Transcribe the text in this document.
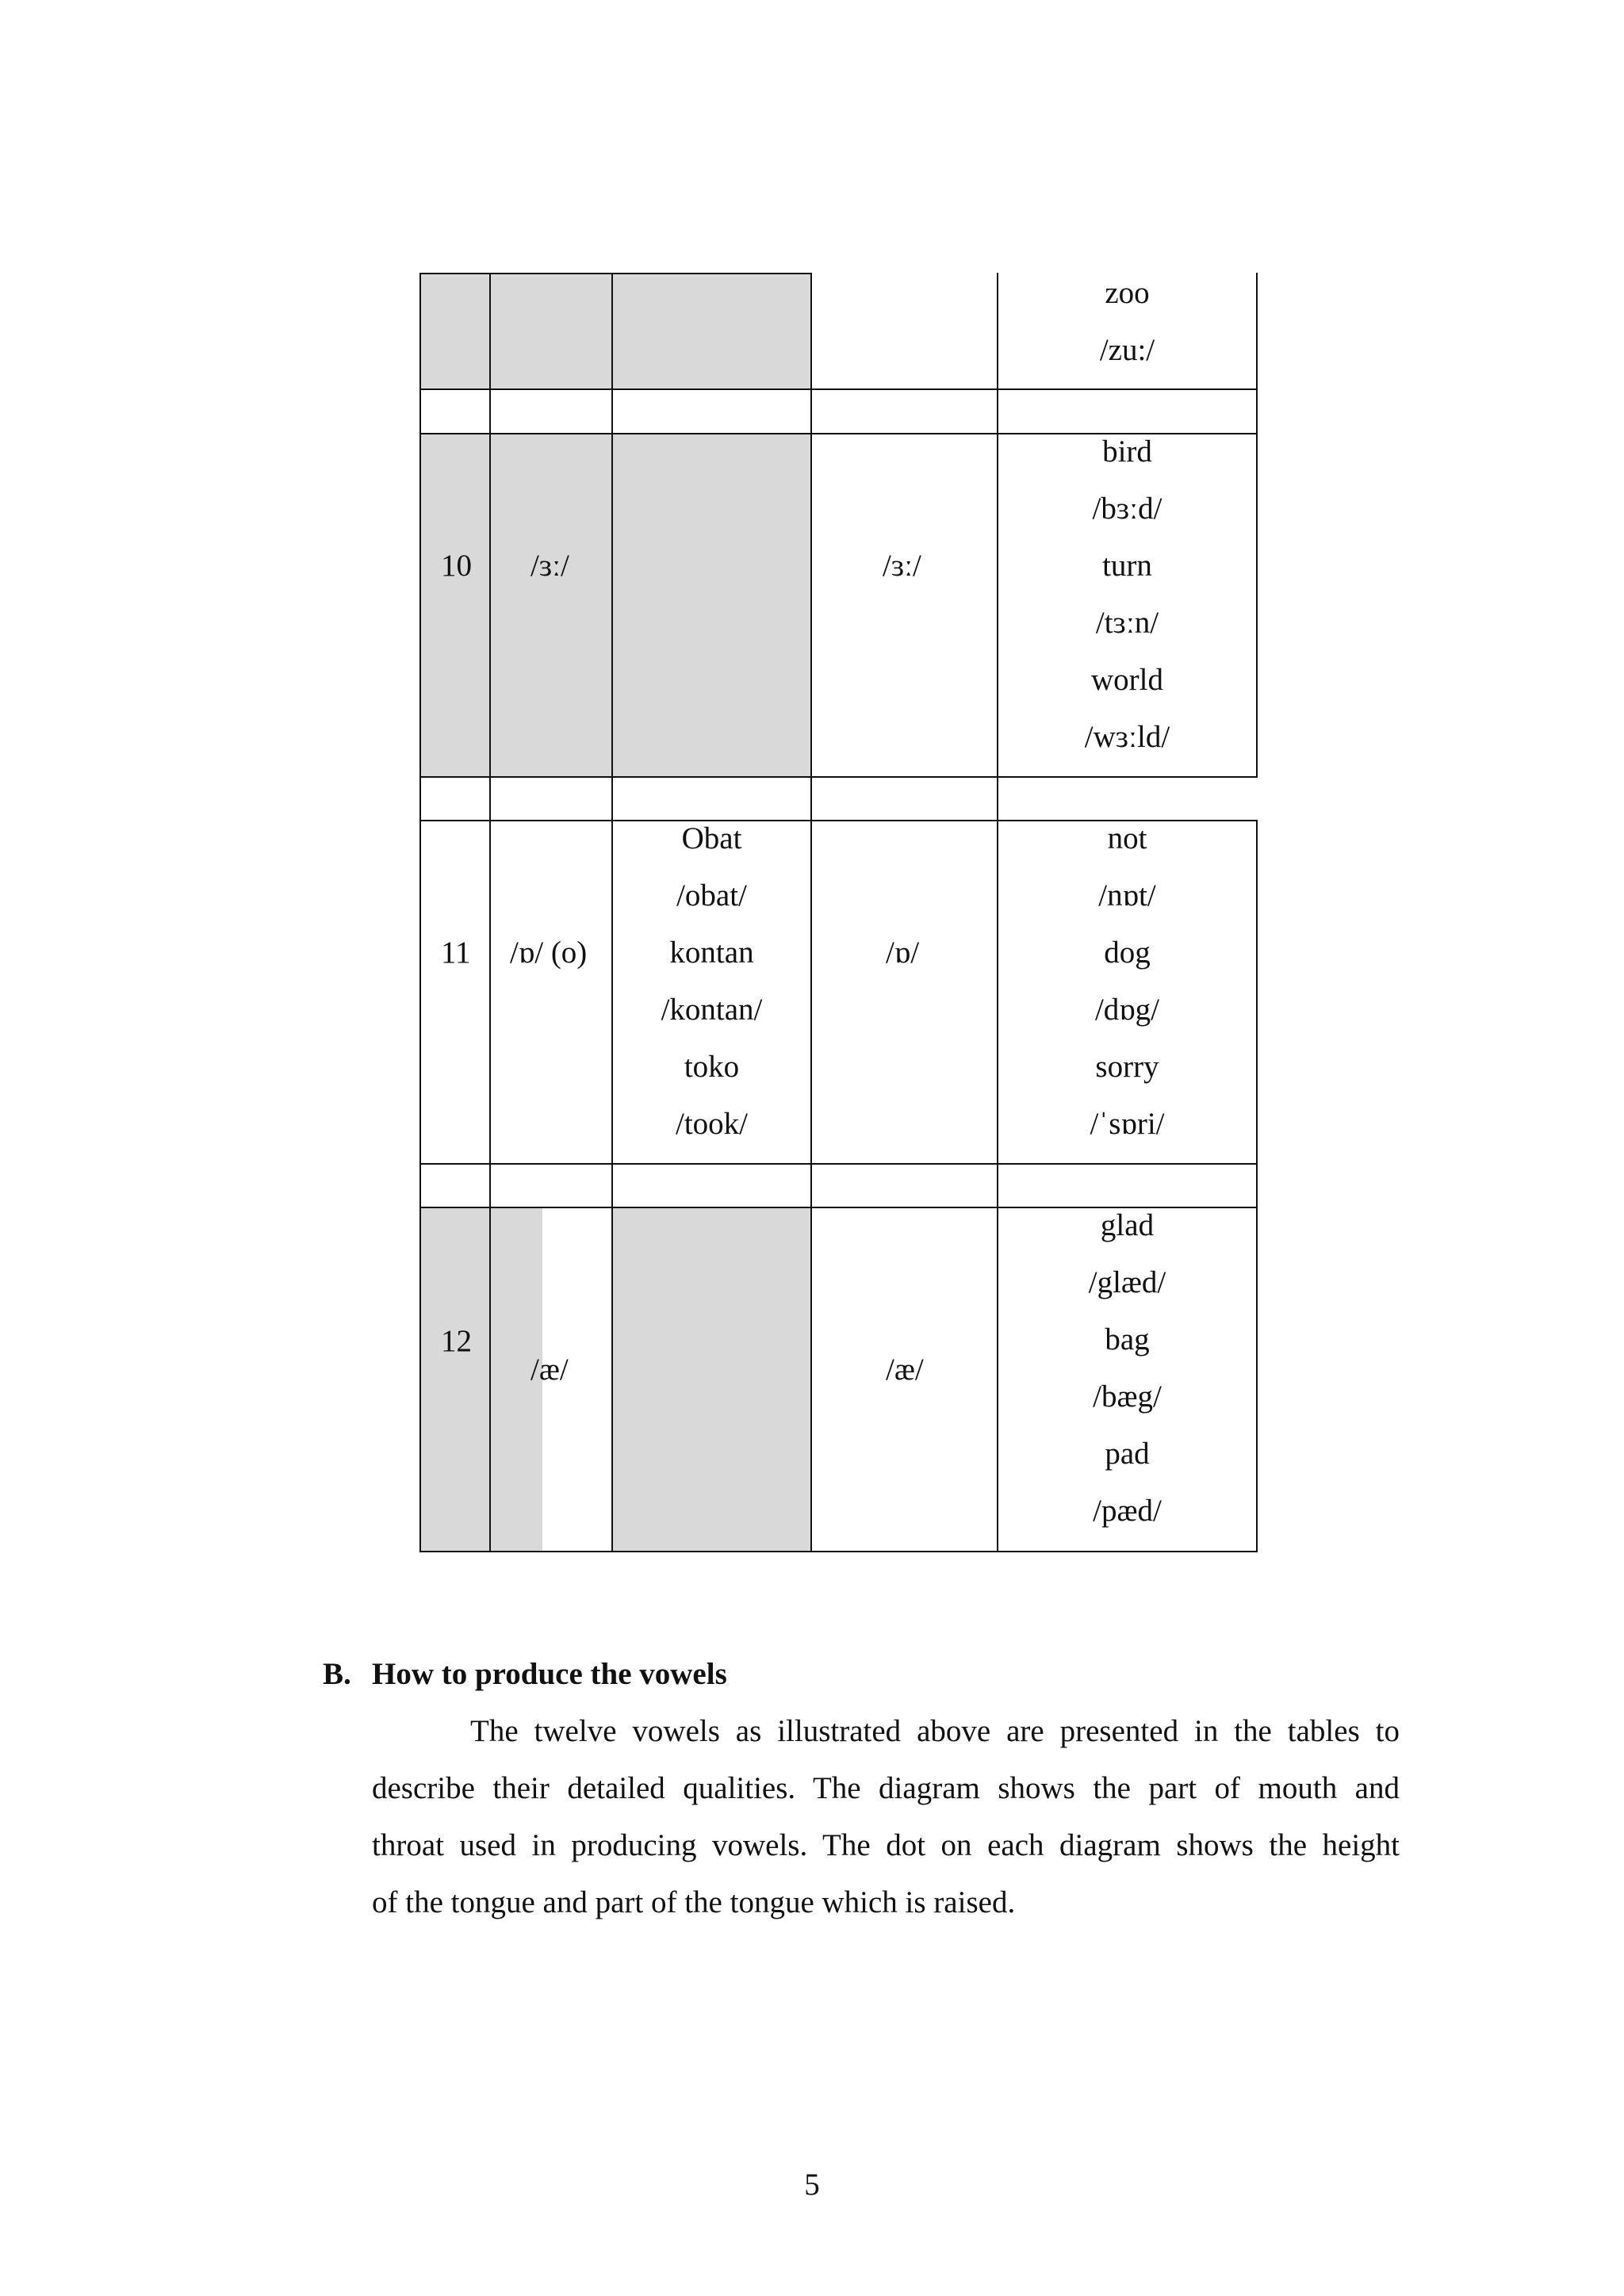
zoo
/zu:/
10 /ɜː/	/ɜː/
bird
/bɜːd/
turn
/tɜːn/
world
/wɜːld/
11 /ɒ/ (o)
Obat
/obat/
kontan
/kontan/
toko
/took/
/ɒ/
not
/nɒt/
dog
/dɒg/
sorry
/ˈsɒri/
12
/æ/	/æ/
glad
/glæd/
bag
/bæg/
pad
/pæd/
B. How to produce the vowels
The twelve vowels as illustrated above are presented in the tables to
describe their detailed qualities. The diagram shows the part of mouth and
throat used in producing vowels. The dot on each diagram shows the height
of the tongue and part of the tongue which is raised.
5
